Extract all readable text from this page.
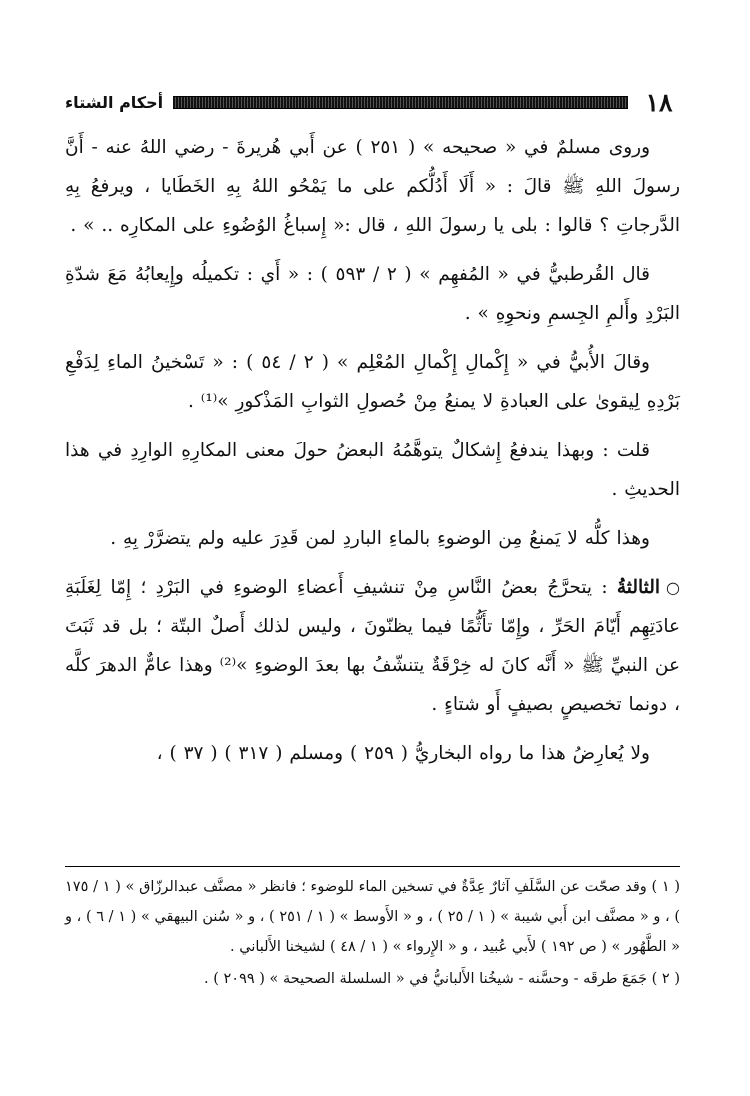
١٨
أحكام الشتاء

وروى مسلمٌ في « صحيحه » ( ٢٥١ ) عن أَبي هُريرةَ - رضي اللهُ عنه - أَنَّ رسولَ اللهِ ﷺ قالَ : « أَلَا أَدُلُّكم على ما يَمْحُو اللهُ بِهِ الخَطَايا ، ويرفعُ بِهِ الدَّرجاتِ ؟ قالوا : بلى يا رسولَ اللهِ ، قال :« إِسباغُ الوُضُوءِ على المكارِه .. » .

قال القُرطبيُّ في « المُفهِم » ( ٢ / ٥٩٣ ) : « أَي : تكميلُه وإِيعابُهُ مَعَ شدّةِ البَرْدِ وأَلمِ الجِسمِ ونحوِهِ » .

وقالَ الأُبيُّ في « إِكْمالِ إِكْمالِ المُعْلِم » ( ٢ / ٥٤ ) : « تَسْخينُ الماءِ لِدَفْعِ بَرْدِهِ لِيقوىٰ على العبادةِ لا يمنعُ مِنْ حُصولِ الثوابِ المَذْكورِ »⁽¹⁾ .

قلت : وبهذا يندفعُ إِشكالٌ يتوهَّمُهُ البعضُ حولَ معنى المكارِهِ الوارِدِ في هذا الحديثِ .

وهذا كلُّه لا يَمنعُ مِن الوضوءِ بالماءِ الباردِ لمن قَدِرَ عليه ولم يتضرَّرْ بِهِ .

○الثالثةُ : يتحرَّجُ بعضُ النَّاسِ مِنْ تنشيفِ أَعضاءِ الوضوءِ في البَرْدِ ؛ إِمّا لِغَلَبَةِ عادَتِهِم أَيّامَ الحَرِّ ، وإِمّا تأَثُّمًا فيما يظنّونَ ، وليس لذلك أَصلٌ البتّة ؛ بل قد ثَبَتَ عن النبيِّ ﷺ « أَنَّه كانَ له خِرْقَةٌ يتنشّفُ بها بعدَ الوضوءِ »⁽²⁾ وهذا عامٌّ الدهرَ كلَّه ، دونما تخصيصٍ بصيفٍ أَو شتاءٍ .

ولا يُعارِضُ هذا ما رواه البخاريُّ ( ٢٥٩ ) ومسلم ( ٣١٧ ) ( ٣٧ ) ،

( ١ ) وقد صحّت عن السَّلَفِ آثارٌ عِدَّةٌ في تسخين الماء للوضوء ؛ فانظر « مصنَّف عبدالرزّاق » ( ١ / ١٧٥ ) ، و « مصنَّف ابن أَبي شيبة » ( ١ / ٢٥ ) ، و « الأَوسط » ( ١ / ٢٥١ ) ، و « سُنن البيهقي » ( ١ / ٦ ) ، و « الطَّهُور » ( ص ١٩٢ ) لأَبي عُبيد ، و « الإِرواء » ( ١ / ٤٨ ) لشيخنا الأَلباني .

( ٢ ) جَمَعَ طرقَه - وحسَّنه - شيخُنا الأَلبانيُّ في « السلسلة الصحيحة » ( ٢٠٩٩ ) .
